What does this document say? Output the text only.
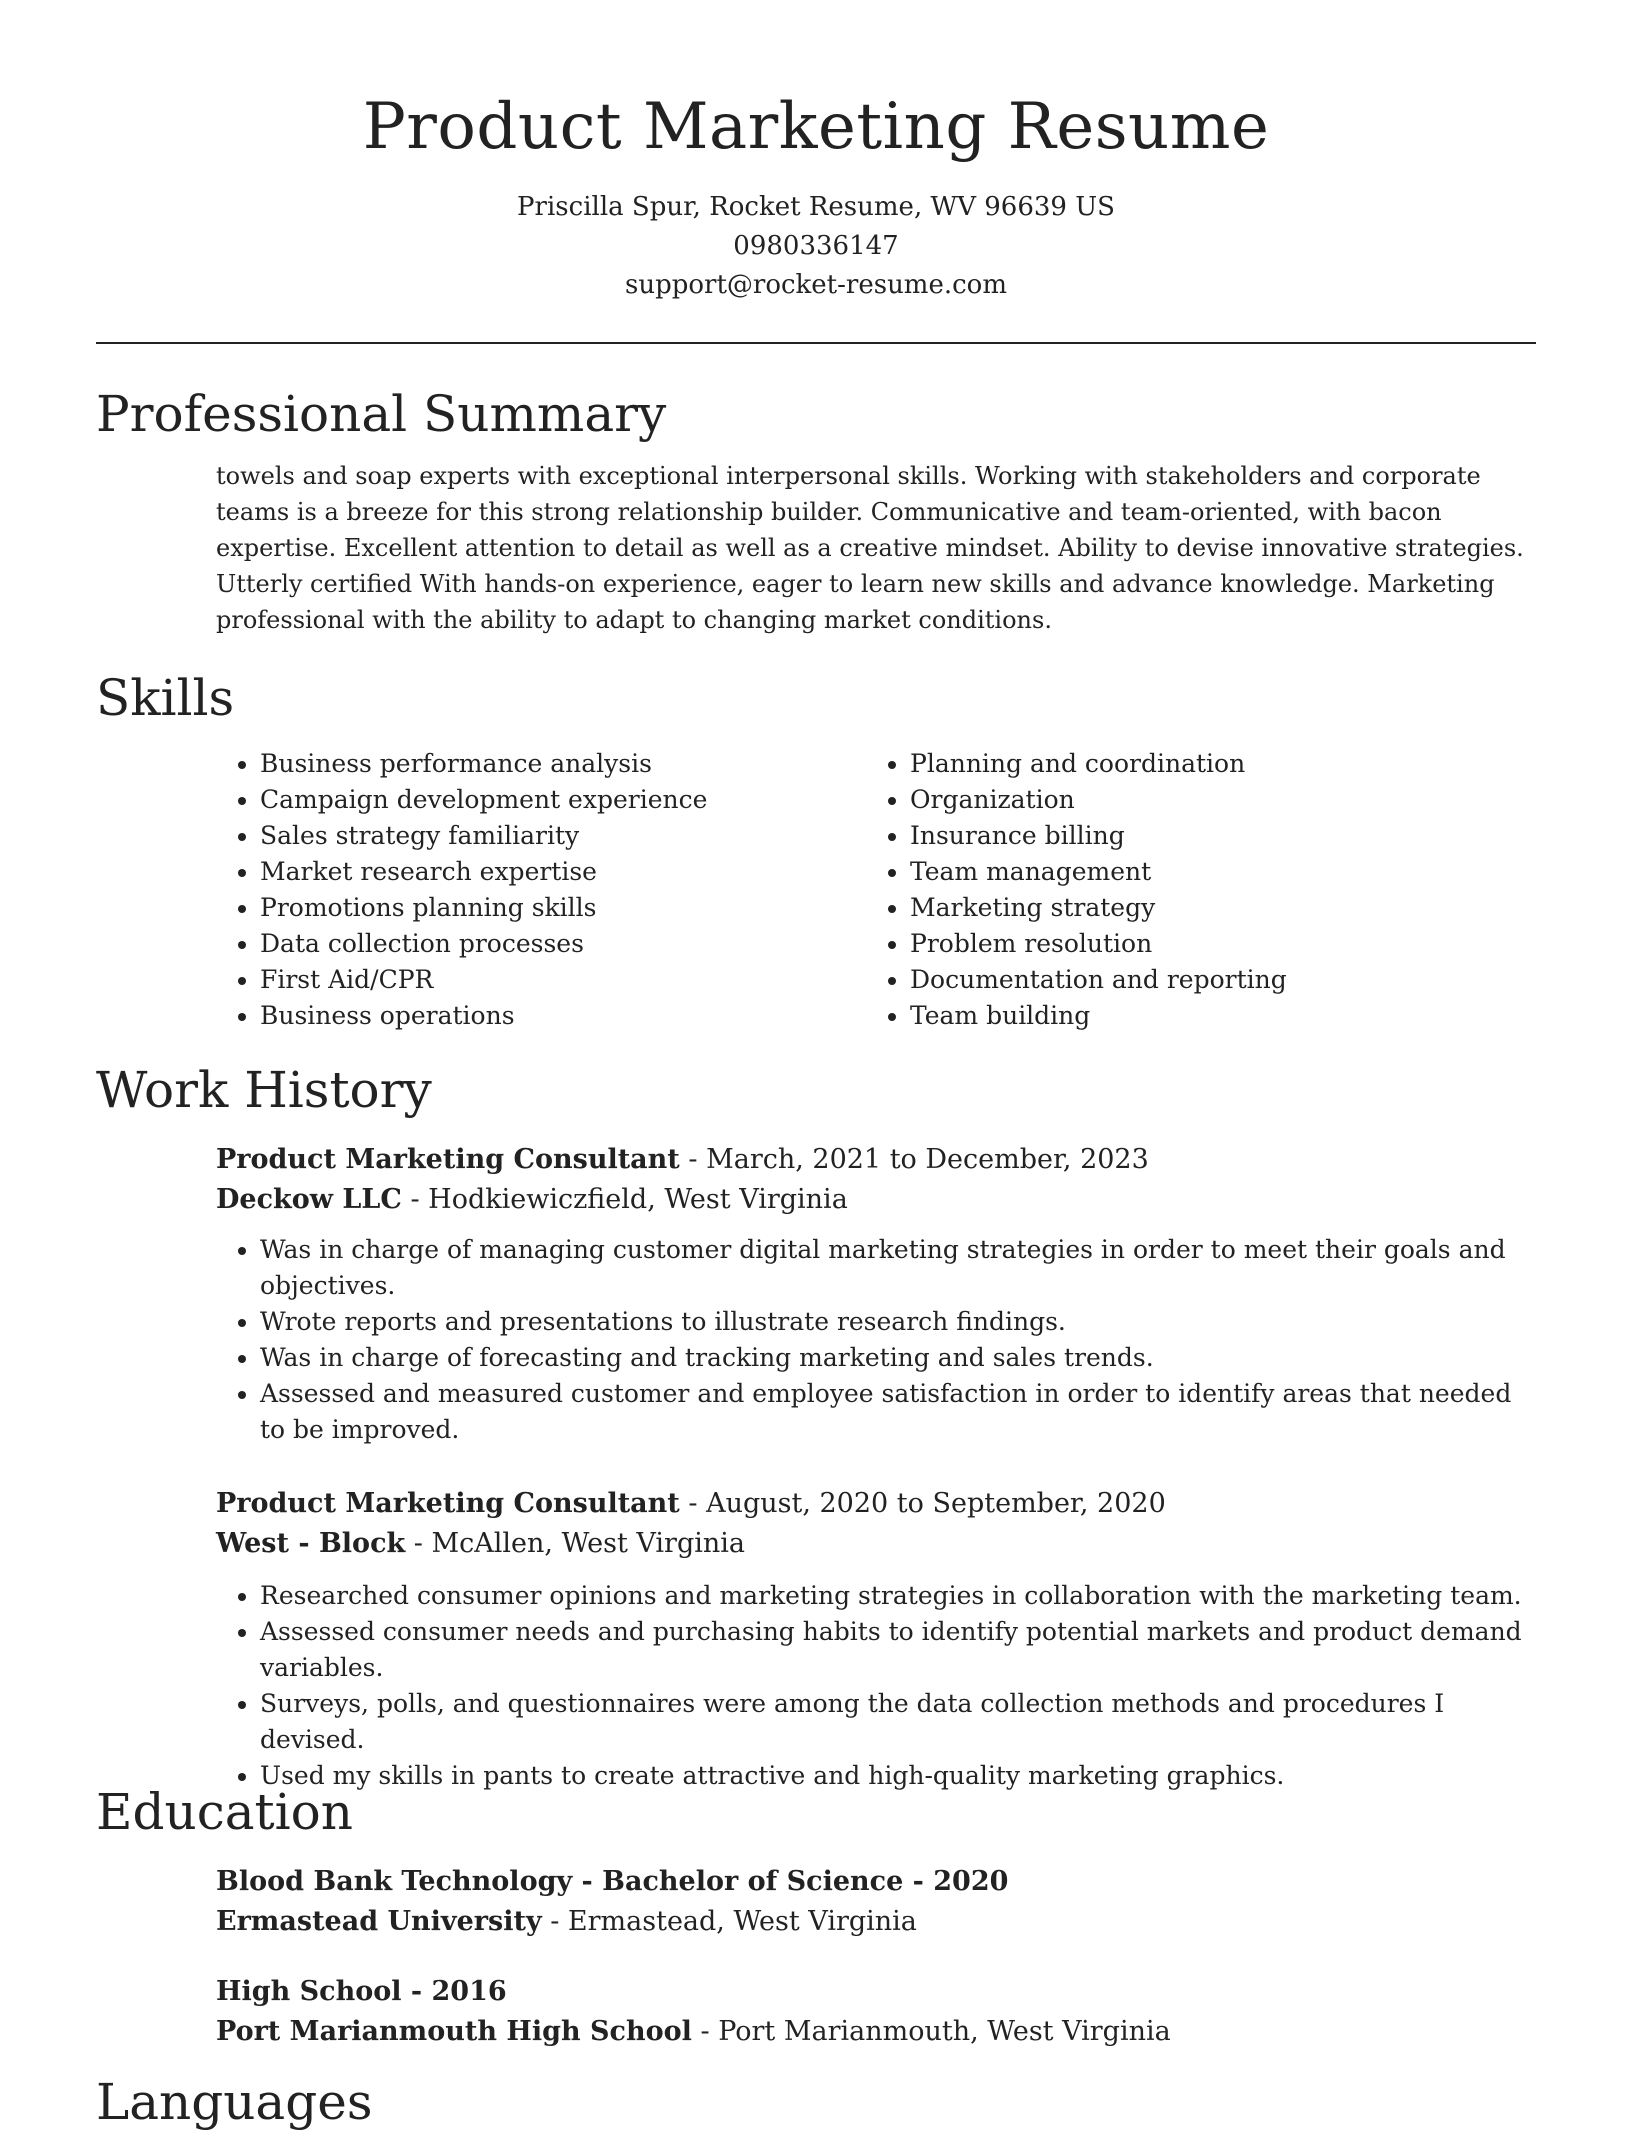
Product Marketing Resume
Priscilla Spur, Rocket Resume, WV 96639 US
0980336147
support@rocket-resume.com
Professional Summary

towels and soap experts with exceptional interpersonal skills. Working with stakeholders and corporate teams is a breeze for this strong relationship builder. Communicative and team-oriented, with bacon expertise. Excellent attention to detail as well as a creative mindset. Ability to devise innovative strategies. Utterly certified With hands-on experience, eager to learn new skills and advance knowledge. Marketing professional with the ability to adapt to changing market conditions.

Skills
• Business performance analysis
• Campaign development experience
• Sales strategy familiarity
• Market research expertise
• Promotions planning skills
• Data collection processes
• First Aid/CPR
• Business operations
• Planning and coordination
• Organization
• Insurance billing
• Team management
• Marketing strategy
• Problem resolution
• Documentation and reporting
• Team building
Work History
Product Marketing Consultant - March, 2021 to December, 2023
Deckow LLC - Hodkiewiczfield, West Virginia
• Was in charge of managing customer digital marketing strategies in order to meet their goals and objectives.
• Wrote reports and presentations to illustrate research findings.
• Was in charge of forecasting and tracking marketing and sales trends.
• Assessed and measured customer and employee satisfaction in order to identify areas that needed to be improved.
Product Marketing Consultant - August, 2020 to September, 2020
West - Block - McAllen, West Virginia
• Researched consumer opinions and marketing strategies in collaboration with the marketing team.
• Assessed consumer needs and purchasing habits to identify potential markets and product demand variables.
• Surveys, polls, and questionnaires were among the data collection methods and procedures I devised.
• Used my skills in pants to create attractive and high-quality marketing graphics.
Education
Blood Bank Technology - Bachelor of Science - 2020
Ermastead University - Ermastead, West Virginia
High School - 2016
Port Marianmouth High School - Port Marianmouth, West Virginia
Languages
